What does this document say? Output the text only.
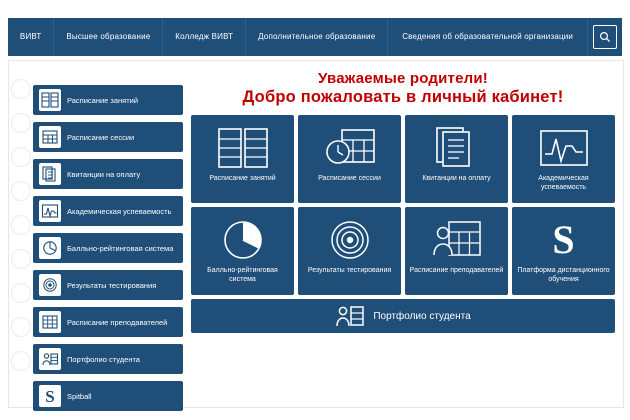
ВИВТ	Высшее образование	Колледж ВИВТ	Дополнительное образование	Сведения об образовательной организации
Расписание занятий
Расписание сессии
Квитанции на оплату
Академическая успеваемость
Балльно-рейтинговая система
Результаты тестирования
Расписание преподавателей
Портфолио студента
S Spitball
Уважаемые родители!
Добро пожаловать в личный кабинет!
Расписание занятий	Расписание сессии	Квитанции на оплату	Академическая успеваемость
Балльно-рейтинговая система
Результаты тестирования	Расписание преподавателей
S
Платформа дистанционного обучения
Портфолио студента
